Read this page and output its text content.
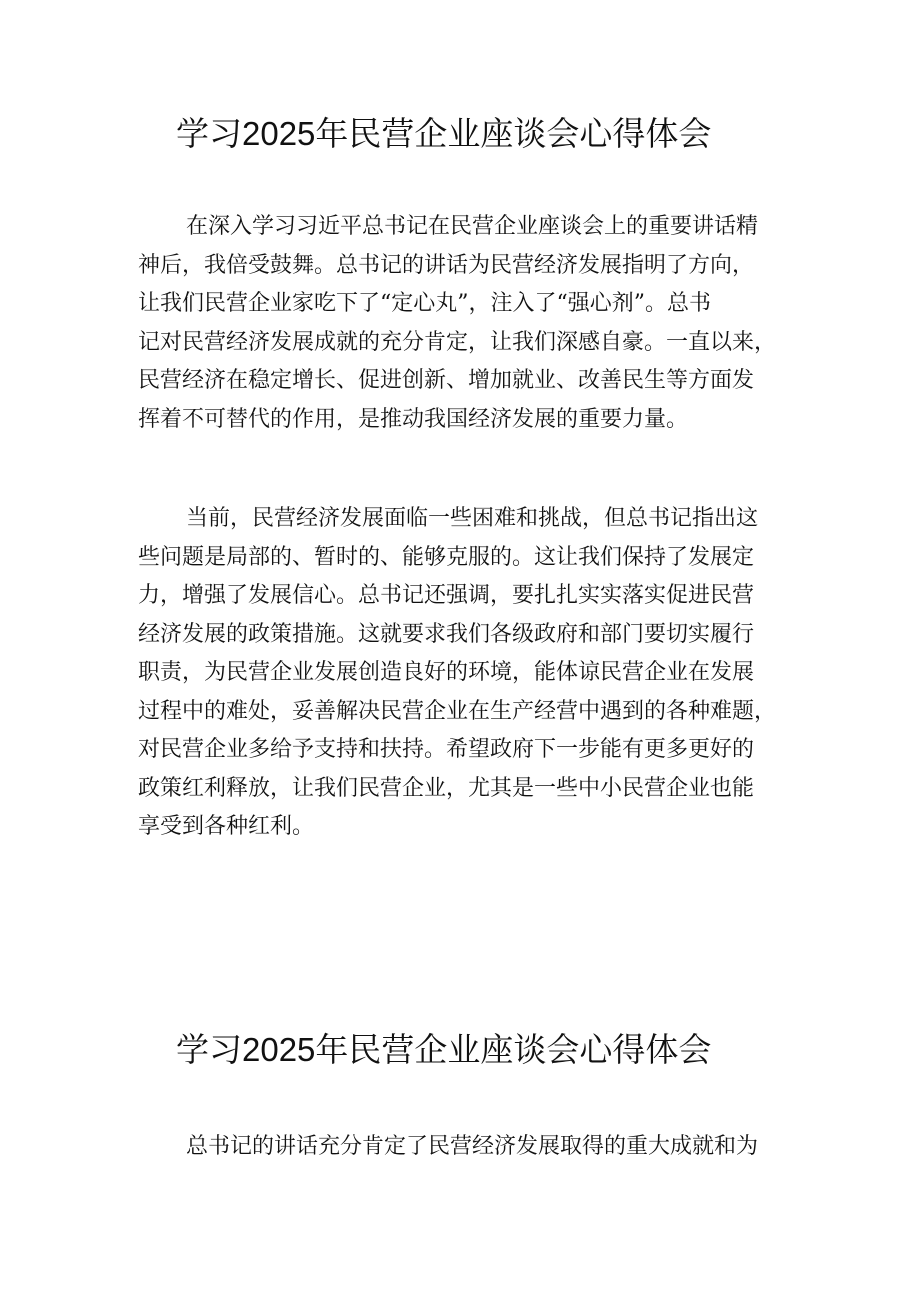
学习2025年民营企业座谈会心得体会
在深入学习习近平总书记在民营企业座谈会上的重要讲话精
神后，我倍受鼓舞。总书记的讲话为民营经济发展指明了方向，
让我们民营企业家吃下了“定心丸”，注入了“强心剂”。总书
记对民营经济发展成就的充分肯定，让我们深感自豪。一直以来，
民营经济在稳定增长、促进创新、增加就业、改善民生等方面发
挥着不可替代的作用，是推动我国经济发展的重要力量。
当前，民营经济发展面临一些困难和挑战，但总书记指出这
些问题是局部的、暂时的、能够克服的。这让我们保持了发展定
力，增强了发展信心。总书记还强调，要扎扎实实落实促进民营
经济发展的政策措施。这就要求我们各级政府和部门要切实履行
职责，为民营企业发展创造良好的环境，能体谅民营企业在发展
过程中的难处，妥善解决民营企业在生产经营中遇到的各种难题，
对民营企业多给予支持和扶持。希望政府下一步能有更多更好的
政策红利释放，让我们民营企业，尤其是一些中小民营企业也能
享受到各种红利。
学习2025年民营企业座谈会心得体会
总书记的讲话充分肯定了民营经济发展取得的重大成就和为
